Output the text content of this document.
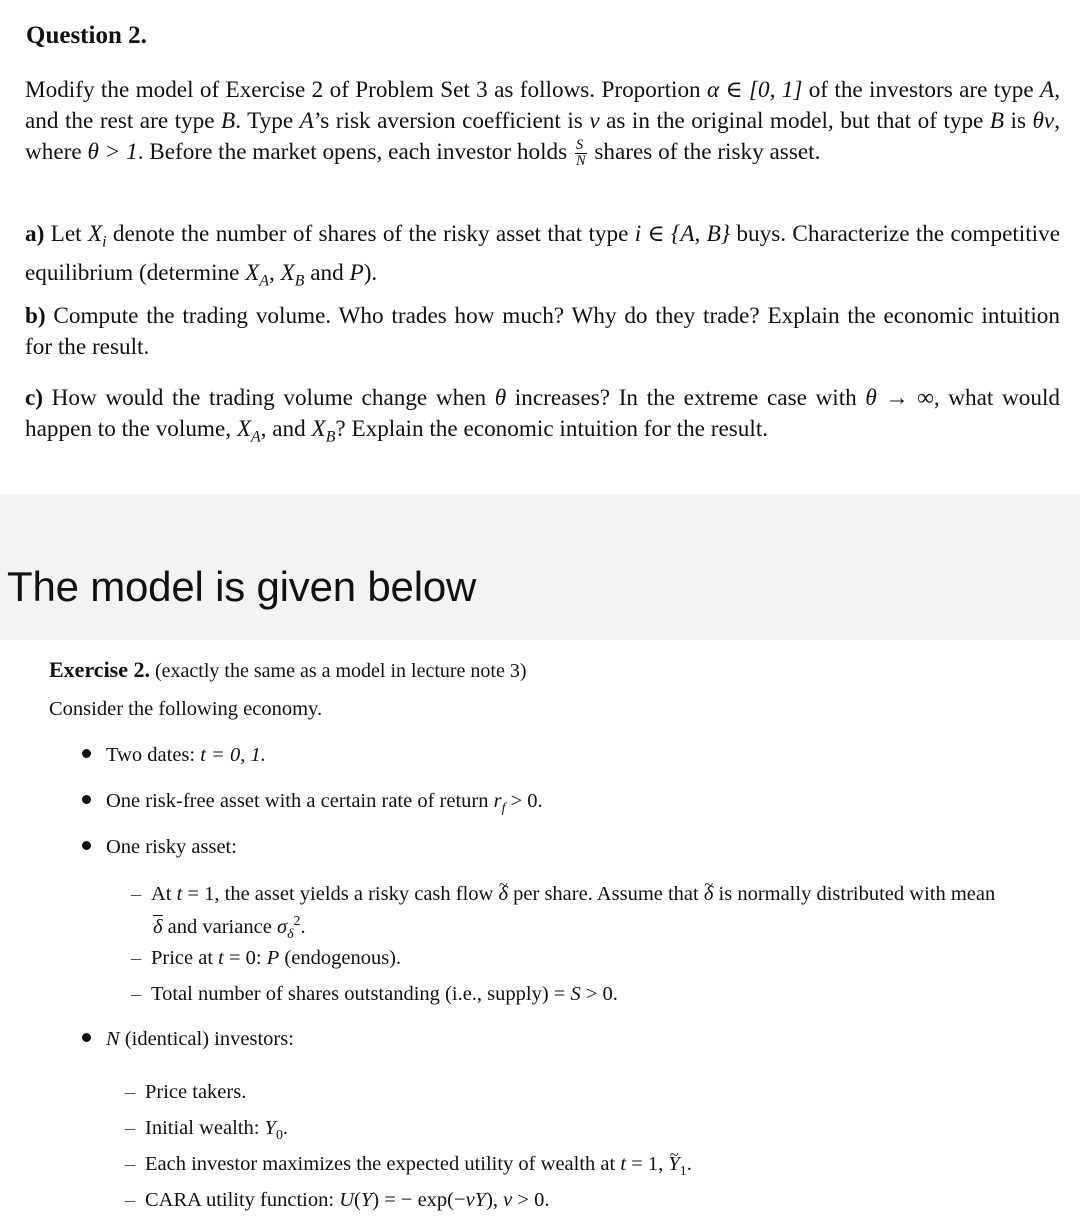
Question 2.

Modify the model of Exercise 2 of Problem Set 3 as follows. Proportion α ∈ [0, 1] of the investors are type A, and the rest are type B. Type A’s risk aversion coefficient is ν as in the original model, but that of type B is θν, where θ > 1. Before the market opens, each investor holds $\frac{S}{N}$ shares of the risky asset.

a) Let $X_i$ denote the number of shares of the risky asset that type i ∈ {A, B} buys. Characterize the competitive equilibrium (determine $X_A$, $X_B$ and P).

b) Compute the trading volume. Who trades how much? Why do they trade? Explain the economic intuition for the result.

c) How would the trading volume change when θ increases? In the extreme case with θ → ∞, what would happen to the volume, $X_A$, and $X_B$? Explain the economic intuition for the result.

The model is given below
Exercise 2. (exactly the same as a model in lecture note 3)
Consider the following economy.
Two dates: t = 0, 1.
One risk-free asset with a certain rate of return $r_f > 0$.
One risky asset:
– At t = 1, the asset yields a risky cash flow ~ δ per share. Assume that ~ δ is normally distributed with mean
δ and variance $\sigma_\delta^2$.
– Price at t = 0: P (endogenous).
– Total number of shares outstanding (i.e., supply) = S > 0.
N (identical) investors:
– Price takers.
– Initial wealth: $Y_0$.
– Each investor maximizes the expected utility of wealth at t = 1, ~ $Y_1$.
– CARA utility function: U(Y) = − exp(−νY), ν > 0.
